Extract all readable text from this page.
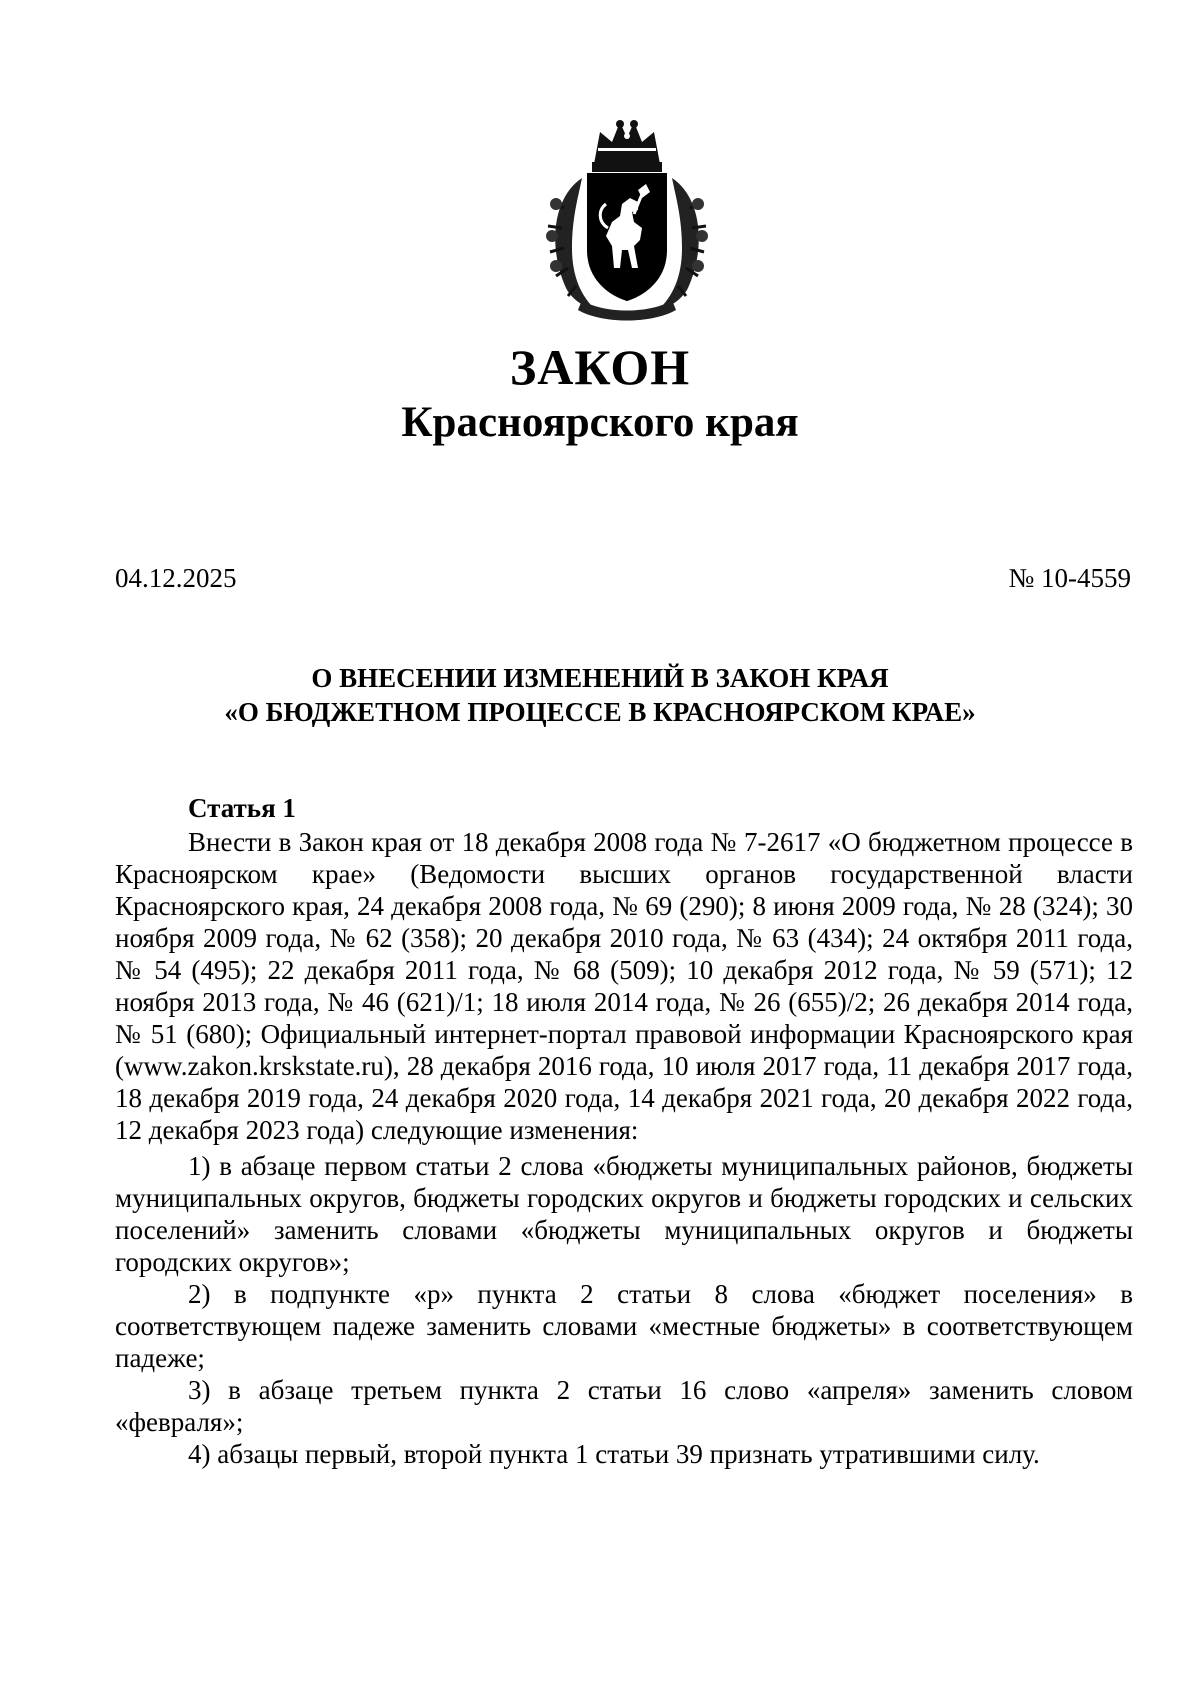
ЗАКОН
Красноярского края
04.12.2025	№ 10-4559
О ВНЕСЕНИИ ИЗМЕНЕНИЙ В ЗАКОН КРАЯ
«О БЮДЖЕТНОМ ПРОЦЕССЕ В КРАСНОЯРСКОМ КРАЕ»
Статья 1

Внести в Закон края от 18 декабря 2008 года № 7-2617 «О бюджетном процессе в Красноярском крае» (Ведомости высших органов государственной власти Красноярского края, 24 декабря 2008 года, № 69 (290); 8 июня 2009 года, № 28 (324); 30 ноября 2009 года, № 62 (358); 20 декабря 2010 года, № 63 (434); 24 октября 2011 года, № 54 (495); 22 декабря 2011 года, № 68 (509); 10 декабря 2012 года, № 59 (571); 12 ноября 2013 года, № 46 (621)/1; 18 июля 2014 года, № 26 (655)/2; 26 декабря 2014 года, № 51 (680); Официальный интернет-портал правовой информации Красноярского края (www.zakon.krskstate.ru), 28 декабря 2016 года, 10 июля 2017 года, 11 декабря 2017 года, 18 декабря 2019 года, 24 декабря 2020 года, 14 декабря 2021 года, 20 декабря 2022 года, 12 декабря 2023 года) следующие изменения:

1) в абзаце первом статьи 2 слова «бюджеты муниципальных районов, бюджеты муниципальных округов, бюджеты городских округов и бюджеты городских и сельских поселений» заменить словами «бюджеты муниципальных округов и бюджеты городских округов»;

2) в подпункте «р» пункта 2 статьи 8 слова «бюджет поселения» в соответствующем падеже заменить словами «местные бюджеты» в соответствующем падеже;

3) в абзаце третьем пункта 2 статьи 16 слово «апреля» заменить словом «февраля»;

4) абзацы первый, второй пункта 1 статьи 39 признать утратившими силу.
